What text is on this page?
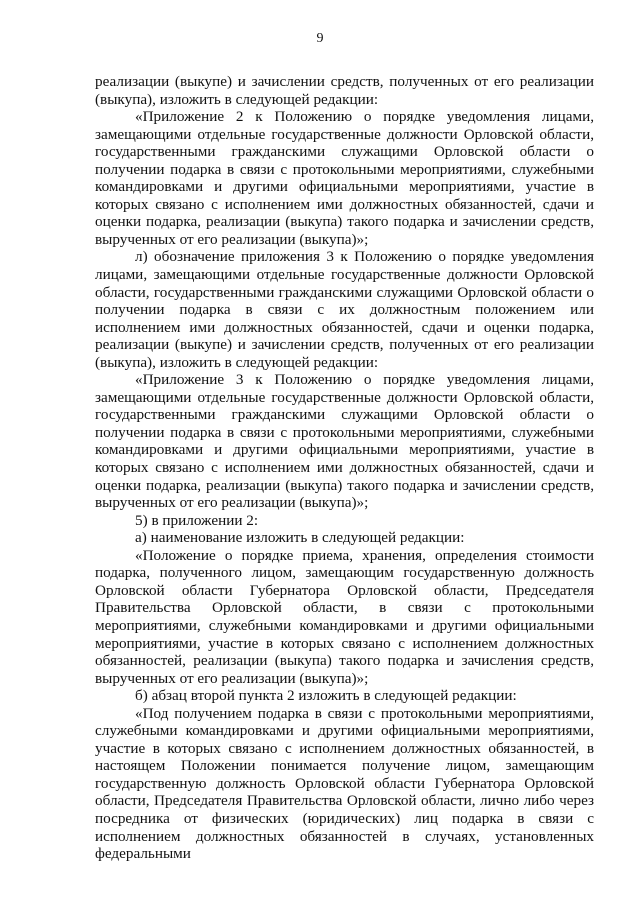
9

реализации (выкупе) и зачислении средств, полученных от его реализации (выкупа), изложить в следующей редакции:

«Приложение 2 к Положению о порядке уведомления лицами, замещающими отдельные государственные должности Орловской области, государственными гражданскими служащими Орловской области о получении подарка в связи с протокольными мероприятиями, служебными командировками и другими официальными мероприятиями, участие в которых связано с исполнением ими должностных обязанностей, сдачи и оценки подарка, реализации (выкупа) такого подарка и зачислении средств, вырученных от его реализации (выкупа)»;

л) обозначение приложения 3 к Положению о порядке уведомления лицами, замещающими отдельные государственные должности Орловской области, государственными гражданскими служащими Орловской области о получении подарка в связи с их должностным положением или исполнением ими должностных обязанностей, сдачи и оценки подарка, реализации (выкупе) и зачислении средств, полученных от его реализации (выкупа), изложить в следующей редакции:

«Приложение 3 к Положению о порядке уведомления лицами, замещающими отдельные государственные должности Орловской области, государственными гражданскими служащими Орловской области о получении подарка в связи с протокольными мероприятиями, служебными командировками и другими официальными мероприятиями, участие в которых связано с исполнением ими должностных обязанностей, сдачи и оценки подарка, реализации (выкупа) такого подарка и зачислении средств, вырученных от его реализации (выкупа)»;

5) в приложении 2:

а) наименование изложить в следующей редакции:

«Положение о порядке приема, хранения, определения стоимости подарка, полученного лицом, замещающим государственную должность Орловской области Губернатора Орловской области, Председателя Правительства Орловской области, в связи с протокольными мероприятиями, служебными командировками и другими официальными мероприятиями, участие в которых связано с исполнением должностных обязанностей, реализации (выкупа) такого подарка и зачисления средств, вырученных от его реализации (выкупа)»;

б) абзац второй пункта 2 изложить в следующей редакции:

«Под получением подарка в связи с протокольными мероприятиями, служебными командировками и другими официальными мероприятиями, участие в которых связано с исполнением должностных обязанностей, в настоящем Положении понимается получение лицом, замещающим государственную должность Орловской области Губернатора Орловской области, Председателя Правительства Орловской области, лично либо через посредника от физических (юридических) лиц подарка в связи с исполнением должностных обязанностей в случаях, установленных федеральными
